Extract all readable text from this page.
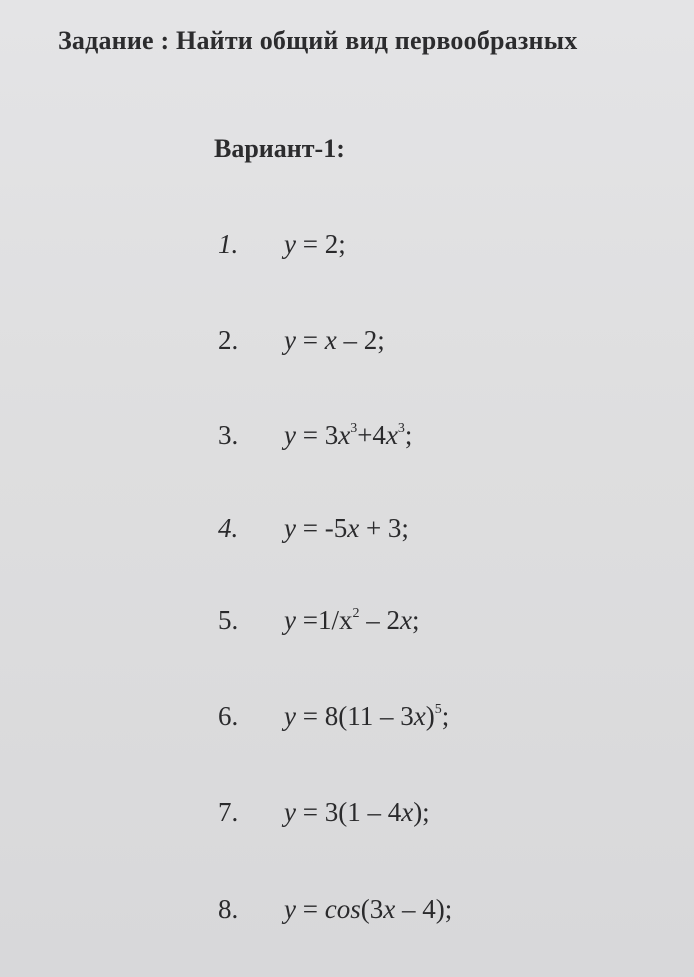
Задание : Найти общий вид первообразных
Вариант-1:
1. y = 2;
2. y = x – 2;
3. $y = 3x^3+4x^3$;
4. y = -5x + 3;
5. $y =1/x^2 - 2x$;
6. y = 8(11 – 3x)$^5$;
7. y = 3(1 – 4x);
8. y = cos(3x – 4);
